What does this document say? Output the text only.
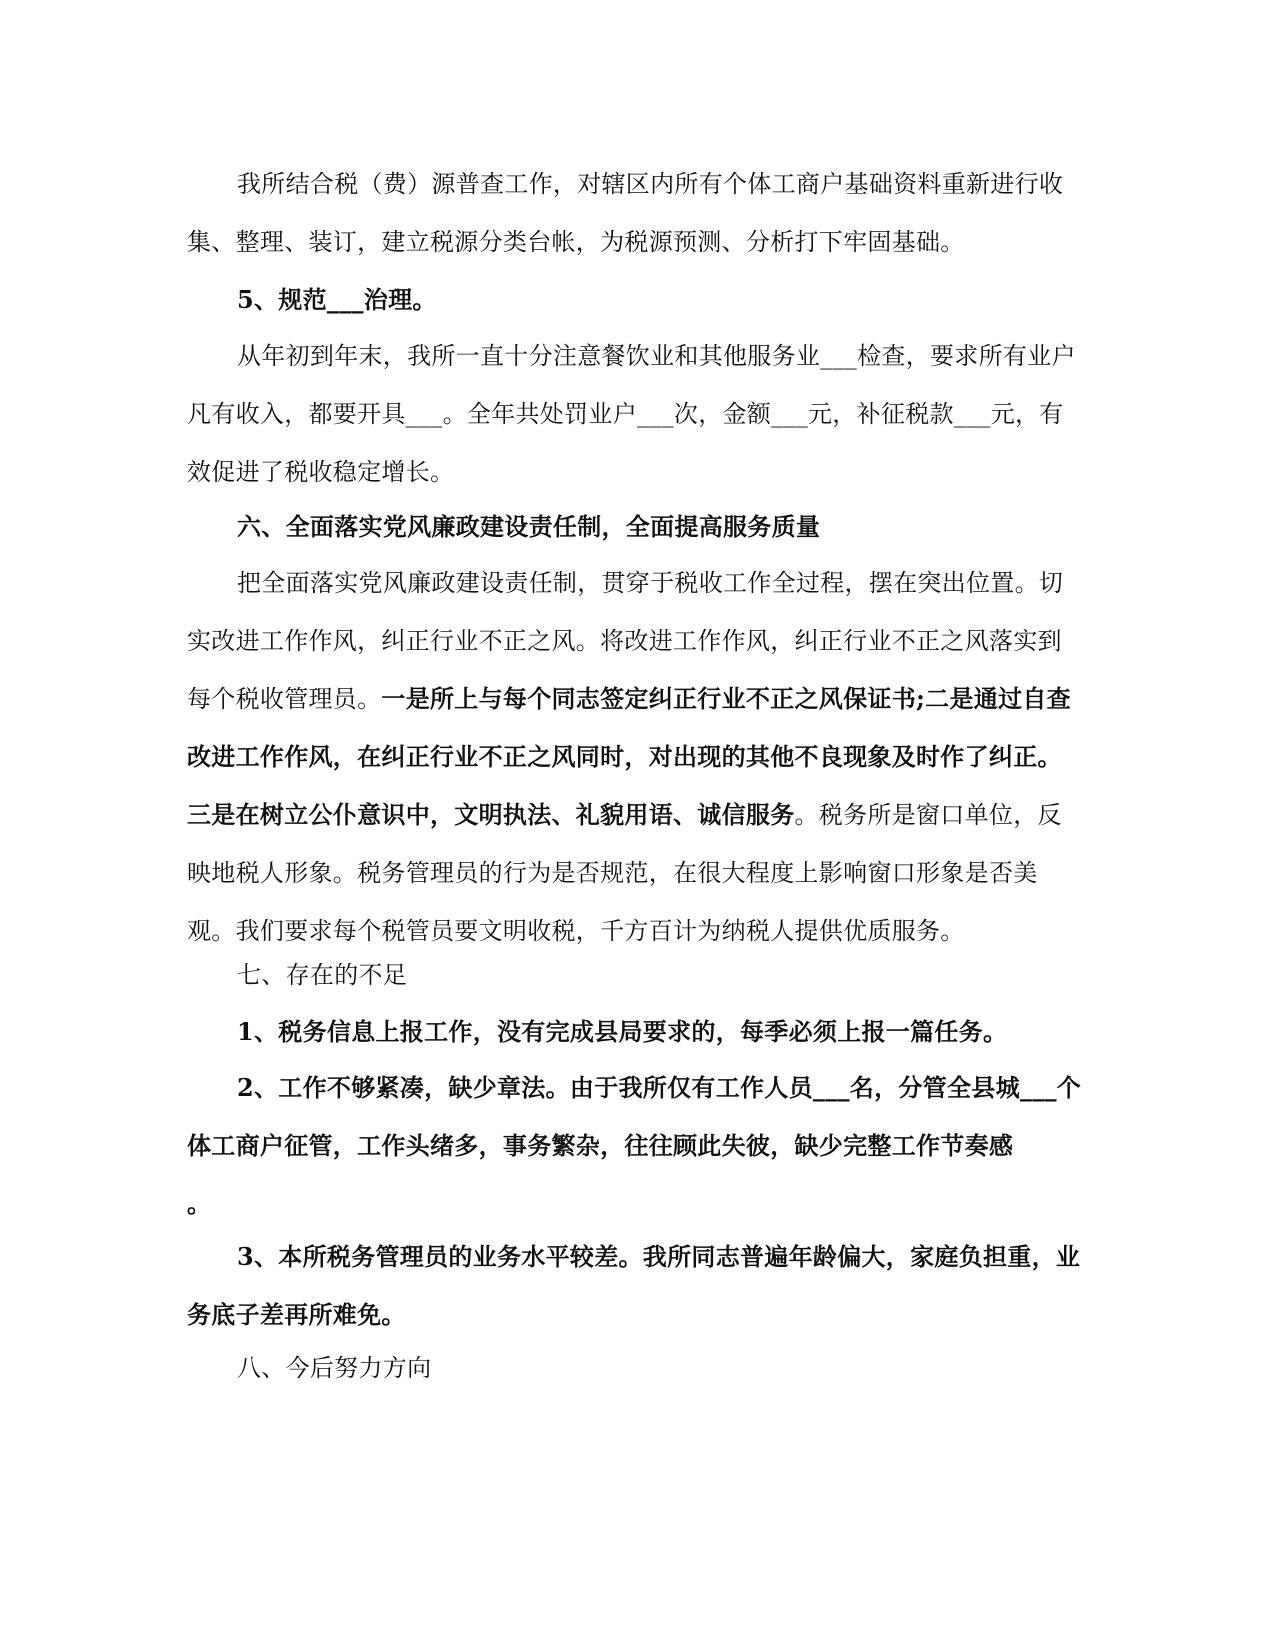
我所结合税（费）源普查工作，对辖区内所有个体工商户基础资料重新进行收集、整理、装订，建立税源分类台帐，为税源预测、分析打下牢固基础。

5、规范___治理。

从年初到年末，我所一直十分注意餐饮业和其他服务业___检查，要求所有业户凡有收入，都要开具___。全年共处罚业户___次，金额___元，补征税款___元，有效促进了税收稳定增长。

六、全面落实党风廉政建设责任制，全面提高服务质量

把全面落实党风廉政建设责任制，贯穿于税收工作全过程，摆在突出位置。切实改进工作作风，纠正行业不正之风。将改进工作作风，纠正行业不正之风落实到每个税收管理员。一是所上与每个同志签定纠正行业不正之风保证书;二是通过自查改进工作作风，在纠正行业不正之风同时，对出现的其他不良现象及时作了纠正。三是在树立公仆意识中，文明执法、礼貌用语、诚信服务。税务所是窗口单位，反映地税人形象。税务管理员的行为是否规范，在很大程度上影响窗口形象是否美观。我们要求每个税管员要文明收税，千方百计为纳税人提供优质服务。

七、存在的不足

1、税务信息上报工作，没有完成县局要求的，每季必须上报一篇任务。

2、工作不够紧凑，缺少章法。由于我所仅有工作人员___名，分管全县城___个体工商户征管，工作头绪多，事务繁杂，往往顾此失彼，缺少完整工作节奏感
。

3、本所税务管理员的业务水平较差。我所同志普遍年龄偏大，家庭负担重，业务底子差再所难免。

八、今后努力方向
